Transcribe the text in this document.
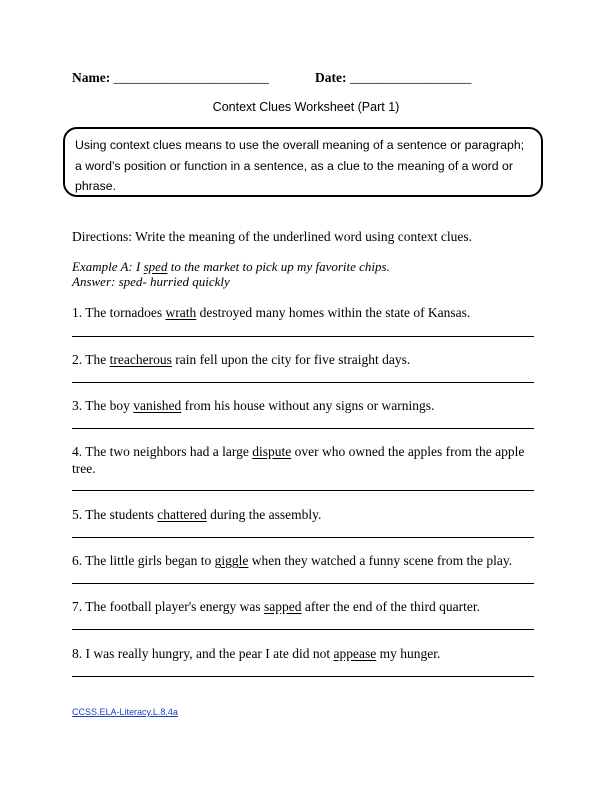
Name: _______________________	Date: __________________
Context Clues Worksheet (Part 1)
Using context clues means to use the overall meaning of a sentence or paragraph; a word’s position or function in a sentence, as a clue to the meaning of a word or phrase.
Directions: Write the meaning of the underlined word using context clues.
Example A: I sped to the market to pick up my favorite chips.
Answer: sped- hurried quickly
1. The tornadoes wrath destroyed many homes within the state of Kansas.
2. The treacherous rain fell upon the city for five straight days.
3. The boy vanished from his house without any signs or warnings.
4. The two neighbors had a large dispute over who owned the apples from the apple tree.
5. The students chattered during the assembly.
6. The little girls began to giggle when they watched a funny scene from the play.
7. The football player's energy was sapped after the end of the third quarter.
8. I was really hungry, and the pear I ate did not appease my hunger.
CCSS.ELA-Literacy.L.8.4a
